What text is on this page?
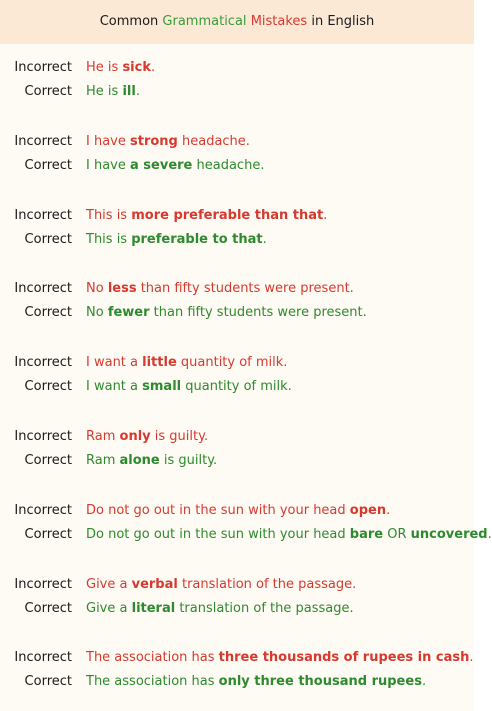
Common Grammatical Mistakes in English
Incorrect He is sick.
Correct He is ill.
Incorrect I have strong headache.
Correct I have a severe headache.
Incorrect This is more preferable than that.
Correct This is preferable to that.
Incorrect No less than fifty students were present.
Correct No fewer than fifty students were present.
Incorrect I want a little quantity of milk.
Correct I want a small quantity of milk.
Incorrect Ram only is guilty.
Correct Ram alone is guilty.
Incorrect Do not go out in the sun with your head open.
Correct Do not go out in the sun with your head bare OR uncovered.
Incorrect Give a verbal translation of the passage.
Correct Give a literal translation of the passage.
Incorrect The association has three thousands of rupees in cash.
Correct The association has only three thousand rupees.
